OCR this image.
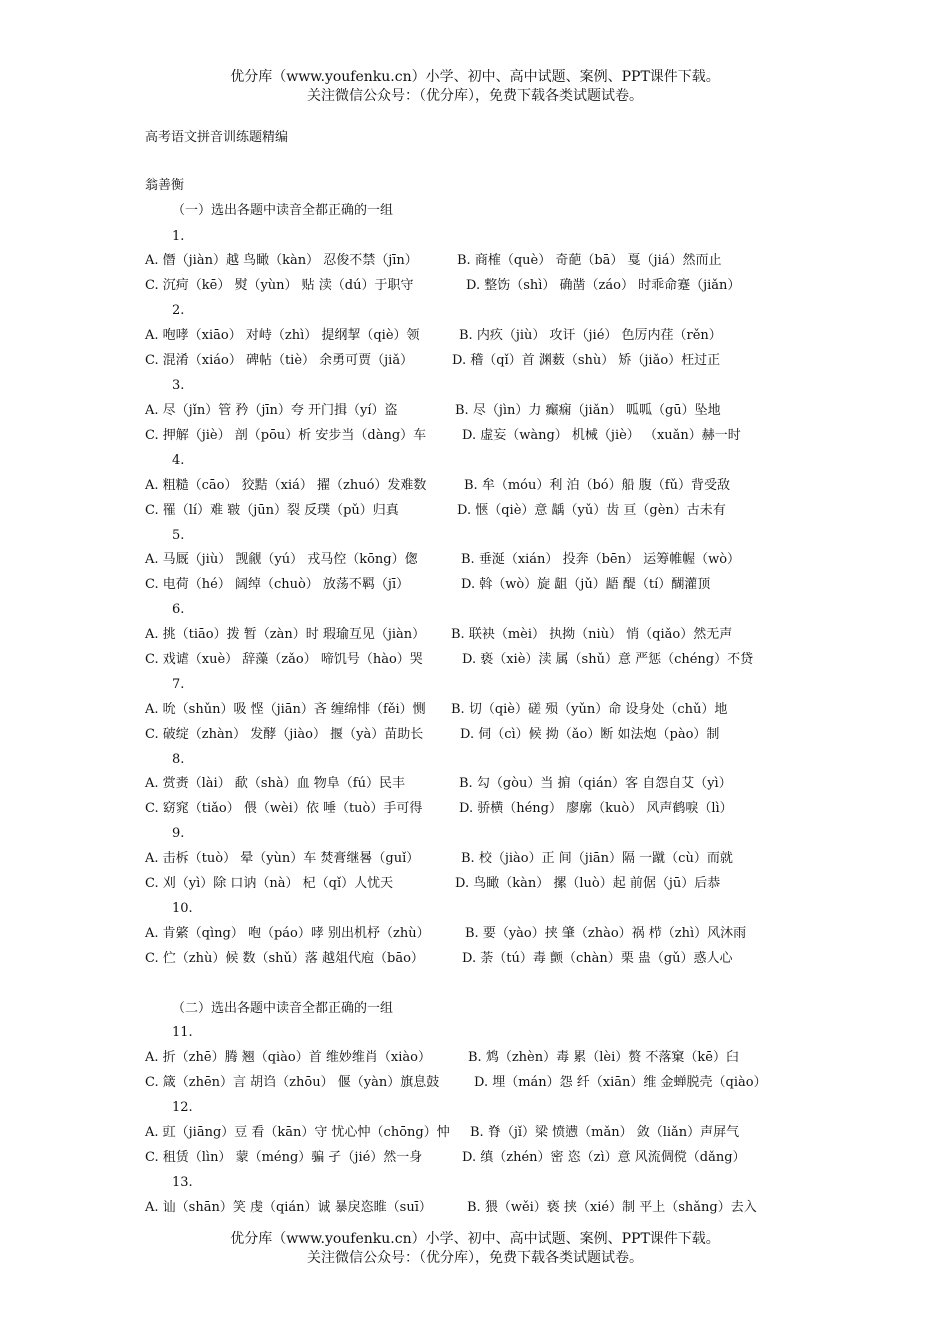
优分库（www.youfenku.cn）小学、初中、高中试题、案例、PPT课件下载。
关注微信公众号：（优分库），免费下载各类试题试卷。
高考语文拼音训练题精编
翁善衡
（一）选出各题中读音全都正确的一组
1.
A. 僭（jiàn）越 鸟瞰（kàn） 忍俊不禁（jīn）	B. 商榷（què） 奇葩（bā） 戛（jiá）然而止
C. 沉疴（kē） 熨（yùn） 贴 渎（dú）于职守	D. 整饬（shì） 确凿（záo） 时乖命蹇（jiǎn）
2.
A. 咆哮（xiāo） 对峙（zhì） 提纲挈（qiè）领	B. 内疚（jiù） 攻讦（jié） 色厉内荏（rěn）
C. 混淆（xiáo） 碑帖（tiè） 余勇可贾（jiǎ）	D. 稽（qǐ）首 渊薮（shù） 矫（jiǎo）枉过正
3.
A. 尽（jǐn）管 矜（jīn）夸 开门揖（yí）盗	B. 尽（jìn）力 癫痫（jiǎn） 呱呱（gū）坠地
C. 押解（jiè） 剖（pōu）析 安步当（dàng）车	D. 虚妄（wàng） 机械（jiè） （xuǎn）赫一时
4.
A. 粗糙（cāo） 狡黠（xiá） 擢（zhuó）发难数	B. 牟（móu）利 泊（bó）船 腹（fǔ）背受敌
C. 罹（lí）难 皲（jūn）裂 反璞（pǔ）归真	D. 惬（qiè）意 龋（yǔ）齿 亘（gèn）古未有
5.
A. 马厩（jiù） 觊觎（yú） 戎马倥（kōng）偬	B. 垂涎（xián） 投奔（bēn） 运筹帷幄（wò）
C. 电荷（hé） 阔绰（chuò） 放荡不羁（jī）	D. 斡（wò）旋 龃（jǔ）龉 醍（tí）醐灌顶
6.
A. 挑（tiāo）拨 暂（zàn）时 瑕瑜互见（jiàn） B. 联袂（mèi） 执拗（niù） 悄（qiǎo）然无声
C. 戏谑（xuè） 辞藻（zǎo） 啼饥号（hào）哭	D. 亵（xiè）渎 属（shǔ）意 严惩（chéng）不贷
7.
A. 吮（shǔn）吸 悭（jiān）吝 缠绵悱（fěi）恻 B. 切（qiè）磋 殒（yǔn）命 设身处（chǔ）地
C. 破绽（zhàn） 发酵（jiào） 揠（yà）苗助长	D. 伺（cì）候 拗（ǎo）断 如法炮（pào）制
8.
A. 赏赉（lài） 歃（shà）血 物阜（fú）民丰	B. 勾（gòu）当 掮（qián）客 自怨自艾（yì）
C. 窈窕（tiǎo） 偎（wèi）依 唾（tuò）手可得	D. 骄横（héng） 廖廓（kuò） 风声鹤唳（lì）
9.
A. 击柝（tuò） 晕（yùn）车 焚膏继晷（guǐ）	B. 校（jiào）正 间（jiān）隔 一蹴（cù）而就
C. 刈（yì）除 口讷（nà） 杞（qǐ）人忧天	D. 鸟瞰（kàn） 摞（luò）起 前倨（jū）后恭
10.
A. 肯綮（qìng） 咆（páo）哮 别出机杼（zhù）	B. 要（yào）挟 肇（zhào）祸 栉（zhì）风沐雨
C. 伫（zhù）候 数（shǔ）落 越俎代庖（bāo）	D. 荼（tú）毒 颤（chàn）栗 蛊（gǔ）惑人心
（二）选出各题中读音全都正确的一组
11.
A. 折（zhē）腾 翘（qiào）首 维妙维肖（xiào）	B. 鸩（zhèn）毒 累（lèi）赘 不落窠（kē）臼
C. 箴（zhēn）言 胡诌（zhōu） 偃（yàn）旗息鼓	D. 埋（mán）怨 纤（xiān）维 金蝉脱壳（qiào）
12.
A. 豇（jiāng）豆 看（kān）守 忧心忡（chōng）忡 B. 脊（jǐ）梁 愤懑（mǎn） 敛（liǎn）声屏气
C. 租赁（lìn） 蒙（méng）骗 孑（jié）然一身	D. 缜（zhén）密 恣（zì）意 风流倜傥（dǎng）
13.
A. 讪（shān）笑 虔（qián）诚 暴戾恣睢（suī）	B. 猥（wěi）亵 挟（xié）制 平上（shǎng）去入
优分库（www.youfenku.cn）小学、初中、高中试题、案例、PPT课件下载。
关注微信公众号：（优分库），免费下载各类试题试卷。
